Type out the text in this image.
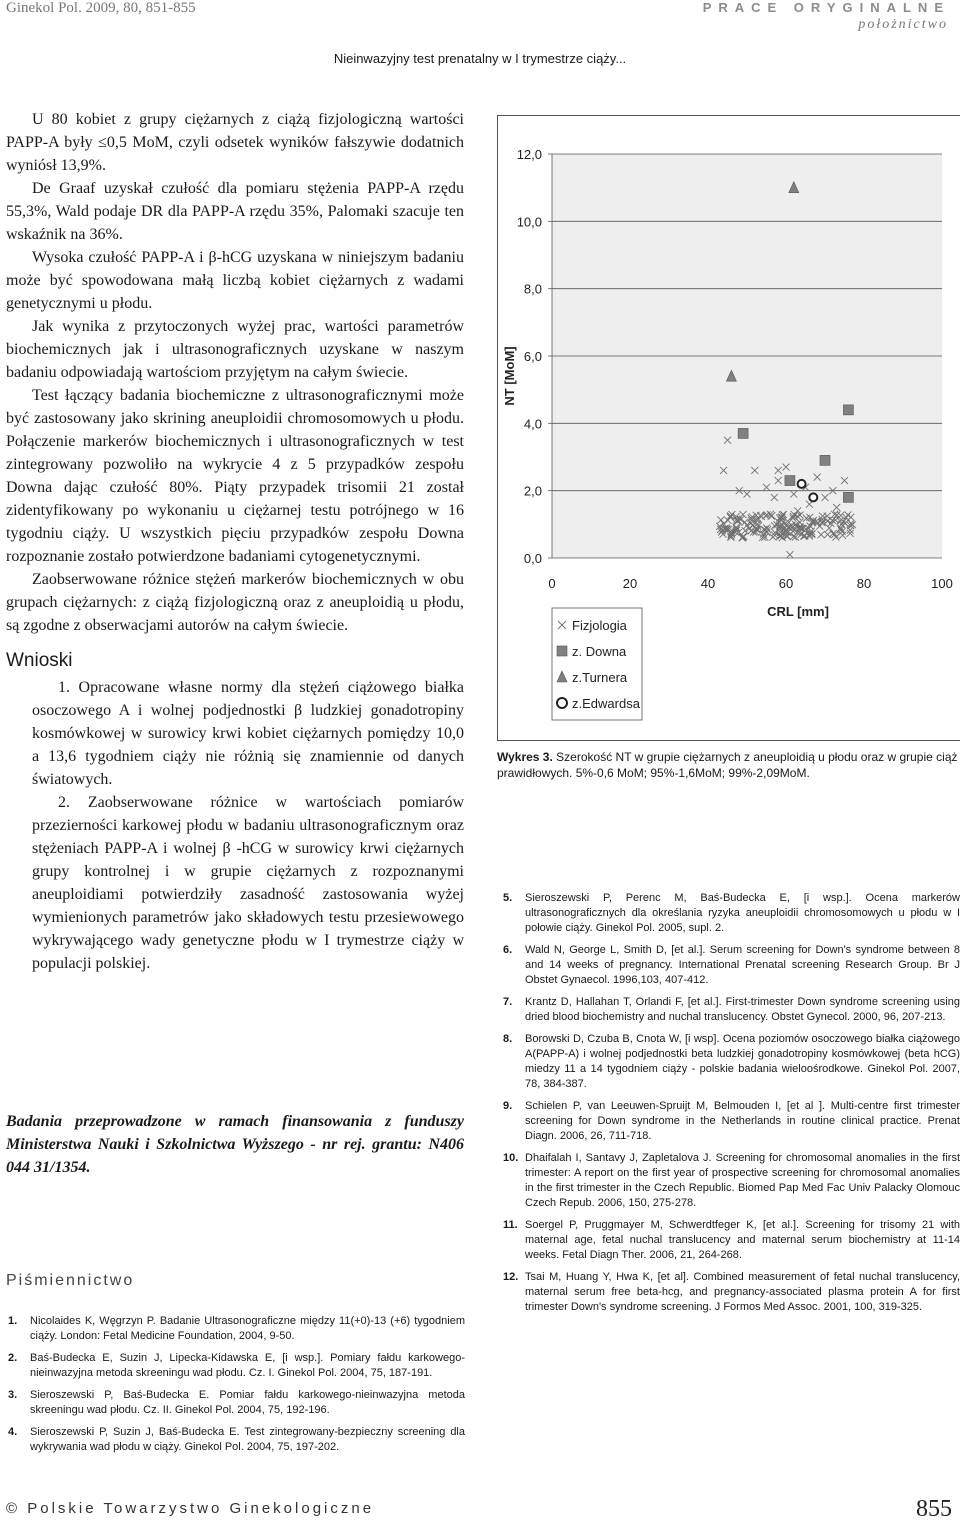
Ginekol Pol. 2009, 80, 851-855	PRACE ORYGINALNE
położnictwo
Nieinwazyjny test prenatalny w I trymestrze ciąży...

U 80 kobiet z grupy ciężarnych z ciążą fizjologiczną wartości PAPP-A były ≤0,5 MoM, czyli odsetek wyników fałszywie dodatnich wyniósł 13,9%.

De Graaf uzyskał czułość dla pomiaru stężenia PAPP-A rzędu 55,3%, Wald podaje DR dla PAPP-A rzędu 35%, Palomaki szacuje ten wskaźnik na 36%.

Wysoka czułość PAPP-A i β-hCG uzyskana w niniejszym badaniu może być spowodowana małą liczbą kobiet ciężarnych z wadami genetycznymi u płodu.

Jak wynika z przytoczonych wyżej prac, wartości parametrów biochemicznych jak i ultrasonograficznych uzyskane w naszym badaniu odpowiadają wartościom przyjętym na całym świecie.

Test łączący badania biochemiczne z ultrasonograficznymi może być zastosowany jako skrining aneuploidii chromosomowych u płodu. Połączenie markerów biochemicznych i ultrasonograficznych w test zintegrowany pozwoliło na wykrycie 4 z 5 przypadków zespołu Downa dając czułość 80%. Piąty przypadek trisomii 21 został zidentyfikowany po wykonaniu u ciężarnej testu potrójnego w 16 tygodniu ciąży. U wszystkich pięciu przypadków zespołu Downa rozpoznanie zostało potwierdzone badaniami cytogenetycznymi.

Zaobserwowane różnice stężeń markerów biochemicznych w obu grupach ciężarnych: z ciążą fizjologiczną oraz z aneuploidią u płodu, są zgodne z obserwacjami autorów na całym świecie.

Wnioski

1. Opracowane własne normy dla stężeń ciążowego białka osoczowego A i wolnej podjednostki β ludzkiej gonadotropiny kosmówkowej w surowicy krwi kobiet ciężarnych pomiędzy 10,0 a 13,6 tygodniem ciąży nie różnią się znamiennie od danych światowych.

2. Zaobserwowane różnice w wartościach pomiarów przezierności karkowej płodu w badaniu ultrasonograficznym oraz stężeniach PAPP-A i wolnej β -hCG w surowicy krwi ciężarnych grupy kontrolnej i w grupie ciężarnych z rozpoznanymi aneuploidiami potwierdziły zasadność zastosowania wyżej wymienionych parametrów jako składowych testu przesiewowego wykrywającego wady genetyczne płodu w I trymestrze ciąży w populacji polskiej.

Badania przeprowadzone w ramach finansowania z funduszy Ministerstwa Nauki i Szkolnictwa Wyższego - nr rej. grantu: N406 044 31/1354.
Piśmiennictwo
1. Nicolaides K, Węgrzyn P. Badanie Ultrasonograficzne między 11(+0)-13 (+6) tygodniem ciąży. London: Fetal Medicine Foundation, 2004, 9-50.
2. Baś-Budecka E, Suzin J, Lipecka-Kidawska E, [i wsp.]. Pomiary fałdu karkowego-nieinwazyjna metoda skreeningu wad płodu. Cz. I. Ginekol Pol. 2004, 75, 187-191.
3. Sieroszewski P, Baś-Budecka E. Pomiar fałdu karkowego-nieinwazyjna metoda skreeningu wad płodu. Cz. II. Ginekol Pol. 2004, 75, 192-196.
4. Sieroszewski P, Suzin J, Baś-Budecka E. Test zintegrowany-bezpieczny screening dla wykrywania wad płodu w ciąży. Ginekol Pol. 2004, 75, 197-202.
5. Sieroszewski P, Perenc M, Baś-Budecka E, [i wsp.]. Ocena markerów ultrasonograficznych dla określania ryzyka aneuploidii chromosomowych u płodu w I połowie ciąży. Ginekol Pol. 2005, supl. 2.
6. Wald N, George L, Smith D, [et al.]. Serum screening for Down's syndrome between 8 and 14 weeks of pregnancy. International Prenatal screening Research Group. Br J Obstet Gynaecol. 1996,103, 407-412.
7. Krantz D, Hallahan T, Orlandi F, [et al.]. First-trimester Down syndrome screening using dried blood biochemistry and nuchal translucency. Obstet Gynecol. 2000, 96, 207-213.
8. Borowski D, Czuba B, Cnota W, [i wsp]. Ocena poziomów osoczowego białka ciążowego A(PAPP-A) i wolnej podjednostki beta ludzkiej gonadotropiny kosmówkowej (beta hCG) miedzy 11 a 14 tygodniem ciąży - polskie badania wieloośrodkowe. Ginekol Pol. 2007, 78, 384-387.
9. Schielen P, van Leeuwen-Spruijt M, Belmouden I, [et al ]. Multi-centre first trimester screening for Down syndrome in the Netherlands in routine clinical practice. Prenat Diagn. 2006, 26, 711-718.
10. Dhaifalah I, Santavy J, Zapletalova J. Screening for chromosomal anomalies in the first trimester: A report on the first year of prospective screening for chromosomal anomalies in the first trimester in the Czech Republic. Biomed Pap Med Fac Univ Palacky Olomouc Czech Repub. 2006, 150, 275-278.
11. Soergel P, Pruggmayer M, Schwerdtfeger K, [et al.]. Screening for trisomy 21 with maternal age, fetal nuchal translucency and maternal serum biochemistry at 11-14 weeks. Fetal Diagn Ther. 2006, 21, 264-268.
12. Tsai M, Huang Y, Hwa K, [et al]. Combined measurement of fetal nuchal translucency, maternal serum free beta-hcg, and pregnancy-associated plasma protein A for first trimester Down's syndrome screening. J Formos Med Assoc. 2001, 100, 319-325.
0,0
2,0
4,0
6,0
8,0
10,0
12,0
0	20	40	60	80	100
CRL [mm]
NT [MoM]
Fizjologia
z. Downa
z.Turnera
z.Edwardsa
Wykres 3. Szerokość NT w grupie ciężarnych z aneuploidią u płodu oraz w grupie ciąż prawidłowych. 5%-0,6 MoM; 95%-1,6MoM; 99%-2,09MoM.
© Polskie Towarzystwo Ginekologiczne	855
